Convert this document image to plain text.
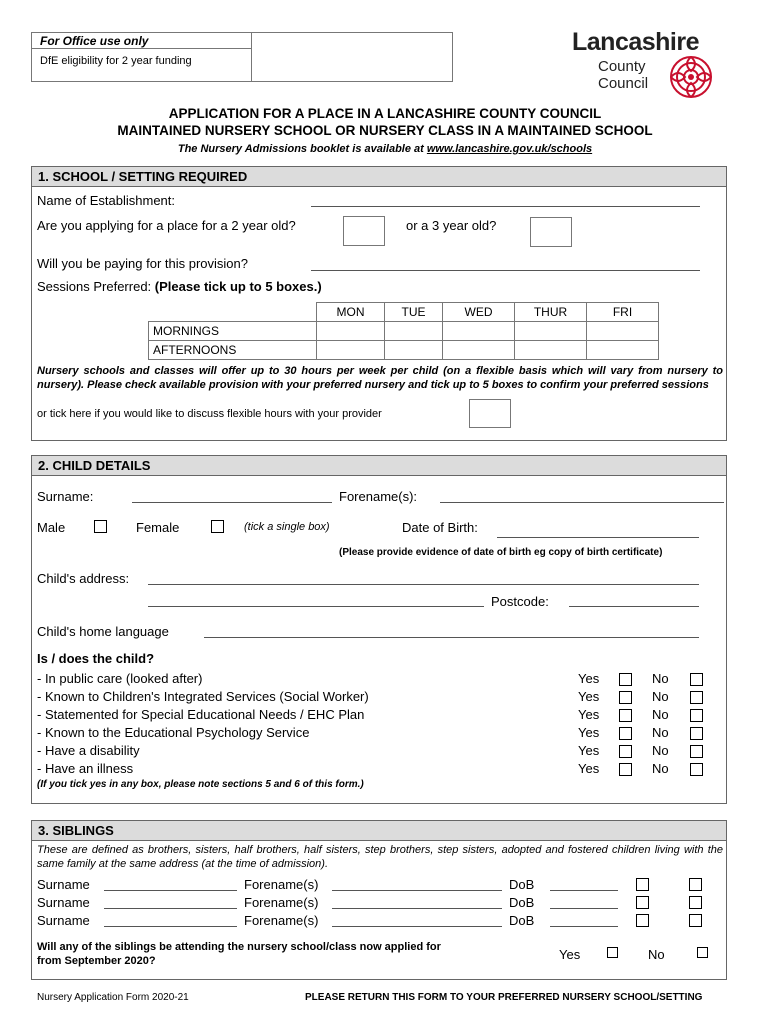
For Office use only
DfE eligibility for 2 year funding
Lancashire
County
Council
APPLICATION FOR A PLACE IN A LANCASHIRE COUNTY COUNCIL
MAINTAINED NURSERY SCHOOL OR NURSERY CLASS IN A MAINTAINED SCHOOL
The Nursery Admissions booklet is available at www.lancashire.gov.uk/schools
1. SCHOOL / SETTING REQUIRED
Name of Establishment:
Are you applying for a place for a 2 year old?	or a 3 year old?
Will you be paying for this provision?
Sessions Preferred: (Please tick up to 5 boxes.)
	MON	TUE	WED	THUR	FRI
MORNINGS					
AFTERNOONS					
Nursery schools and classes will offer up to 30 hours per week per child (on a flexible basis which will vary from nursery to nursery). Please check available provision with your preferred nursery and tick up to 5 boxes to confirm your preferred sessions
or tick here if you would like to discuss flexible hours with your provider
2. CHILD DETAILS
Surname:	Forename(s):
Male	Female	(tick a single box)	Date of Birth:
(Please provide evidence of date of birth eg copy of birth certificate)
Child's address:
Postcode:
Child's home language
Is / does the child?
- In public care (looked after)	Yes	No
- Known to Children's Integrated Services (Social Worker)	Yes	No
- Statemented for Special Educational Needs / EHC Plan	Yes	No
- Known to the Educational Psychology Service	Yes	No
- Have a disability	Yes	No
- Have an illness	Yes	No
(If you tick yes in any box, please note sections 5 and 6 of this form.)
3. SIBLINGS
These are defined as brothers, sisters, half brothers, half sisters, step brothers, step sisters, adopted and fostered children living with the same family at the same address (at the time of admission).
Surname	Forename(s)	DoB
Surname	Forename(s)	DoB
Surname	Forename(s)	DoB
Will any of the siblings be attending the nursery school/class now applied for
from September 2020?	Yes	No
Nursery Application Form 2020-21	PLEASE RETURN THIS FORM TO YOUR PREFERRED NURSERY SCHOOL/SETTING
